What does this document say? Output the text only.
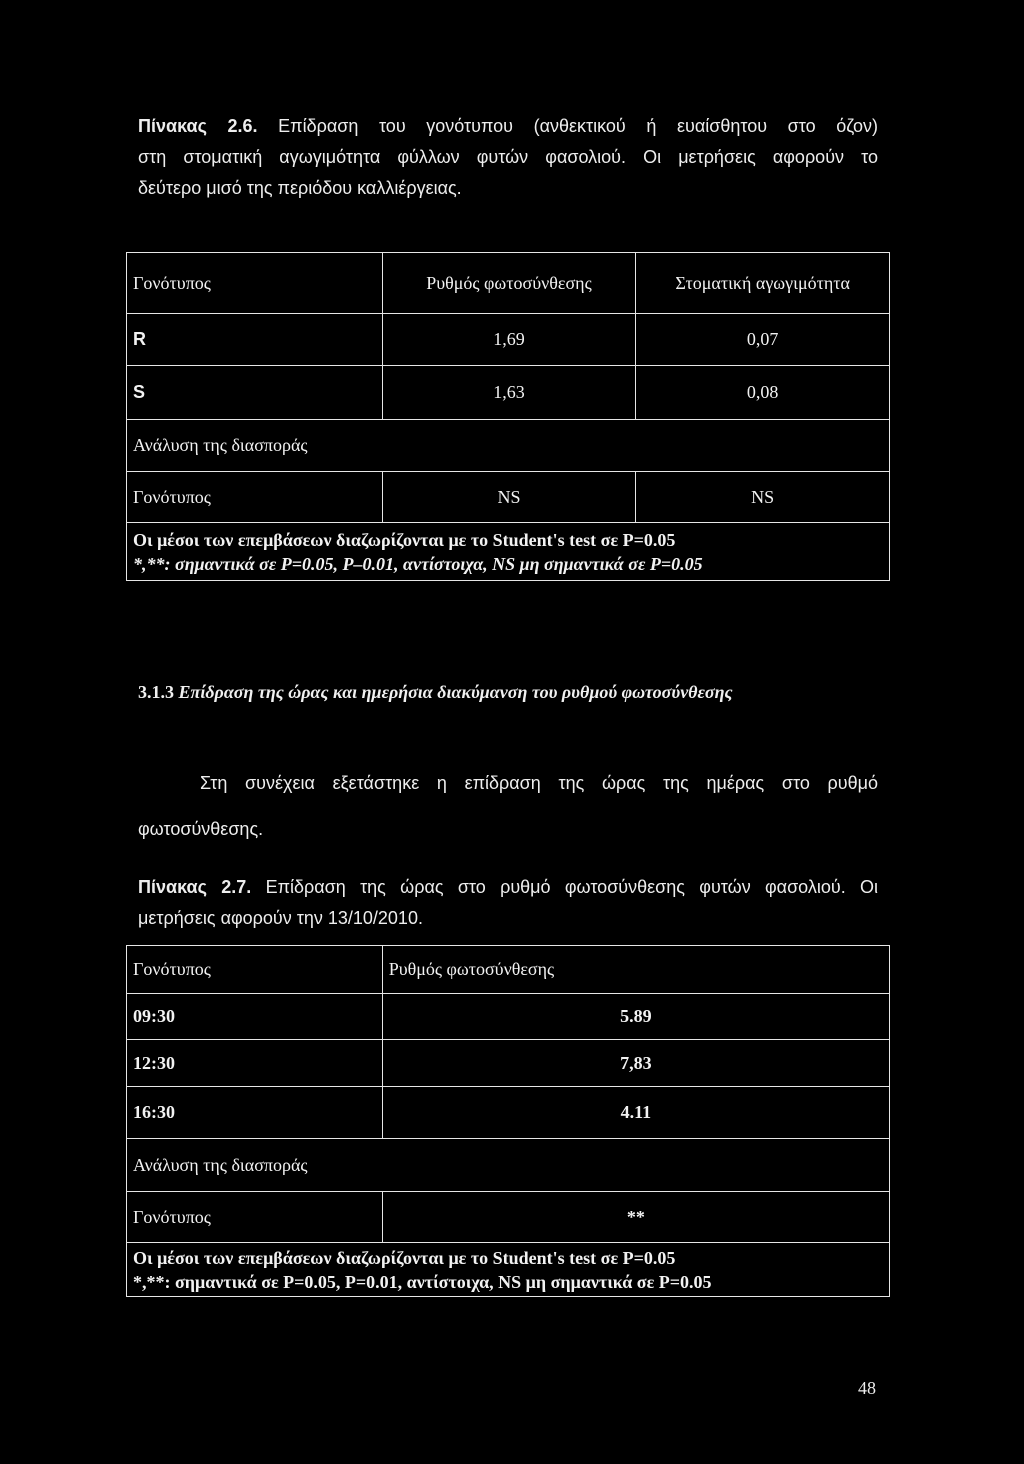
Πίνακας 2.6. Επίδραση του γονότυπου (ανθεκτικού ή ευαίσθητου στο όζον)
στη στοματική αγωγιμότητα φύλλων φυτών φασολιού. Οι μετρήσεις αφορούν το
δεύτερο μισό της περιόδου καλλιέργειας.
Γονότυπος	Ρυθμός φωτοσύνθεσης	Στοματική αγωγιμότητα
R	1,69	0,07
S	1,63	0,08
Ανάλυση της διασποράς		
Γονότυπος	NS	NS

Οι μέσοι των επεμβάσεων διαζωρίζονται με το Student's test σε P=0.05
*,**: σημαντικά σε P=0.05, P–0.01, αντίστοιχα, NS μη σημαντικά σε P=0.05		
3.1.3 Επίδραση της ώρας και ημερήσια διακύμανση του ρυθμού φωτοσύνθεσης
Στη συνέχεια εξετάστηκε η επίδραση της ώρας της ημέρας στο ρυθμό
φωτοσύνθεσης.
Πίνακας 2.7. Επίδραση της ώρας στο ρυθμό φωτοσύνθεσης φυτών φασολιού. Οι
μετρήσεις αφορούν την 13/10/2010.
Γονότυπος	Ρυθμός φωτοσύνθεσης
09:30	5.89
12:30	7,83
16:30	4.11
Ανάλυση της διασποράς	
Γονότυπος	**

Οι μέσοι των επεμβάσεων διαζωρίζονται με το Student's test σε P=0.05
*,**: σημαντικά σε P=0.05, P=0.01, αντίστοιχα, NS μη σημαντικά σε P=0.05	
48
